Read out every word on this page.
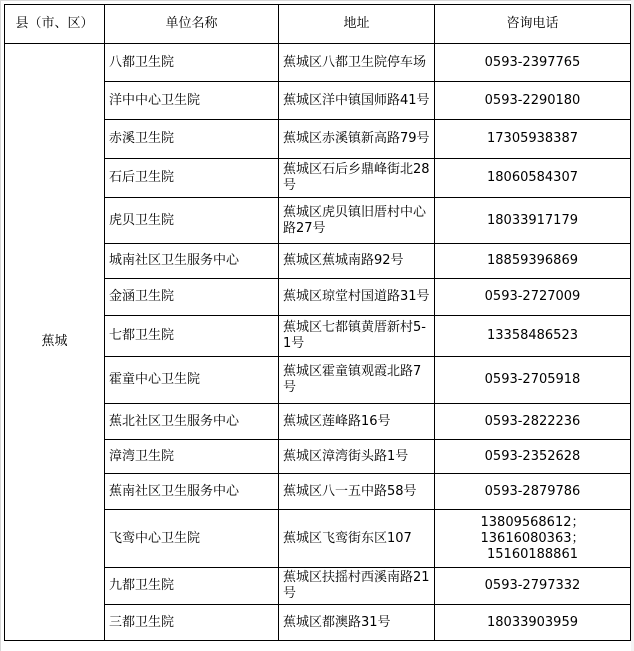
县（市、区）	单位名称	地址	咨询电话
蕉城	八都卫生院	蕉城区八都卫生院停车场	0593-2397765
	洋中中心卫生院	蕉城区洋中镇国师路41号	0593-2290180
	赤溪卫生院	蕉城区赤溪镇新高路79号	17305938387
	石后卫生院	蕉城区石后乡鼎峰街北28号	18060584307
	虎贝卫生院	蕉城区虎贝镇旧厝村中心路27号	18033917179
	城南社区卫生服务中心	蕉城区蕉城南路92号	18859396869
	金涵卫生院	蕉城区琼堂村国道路31号	0593-2727009
	七都卫生院	蕉城区七都镇黄厝新村5-1号	13358486523
	霍童中心卫生院	蕉城区霍童镇观霞北路7号	0593-2705918
	蕉北社区卫生服务中心	蕉城区莲峰路16号	0593-2822236
	漳湾卫生院	蕉城区漳湾街头路1号	0593-2352628
	蕉南社区卫生服务中心	蕉城区八一五中路58号	0593-2879786
	飞鸾中心卫生院	蕉城区飞鸾街东区107	13809568612；
13616080363；
15160188861

	九都卫生院	蕉城区扶摇村西溪南路21号	0593-2797332
	三都卫生院	蕉城区都澳路31号	18033903959
